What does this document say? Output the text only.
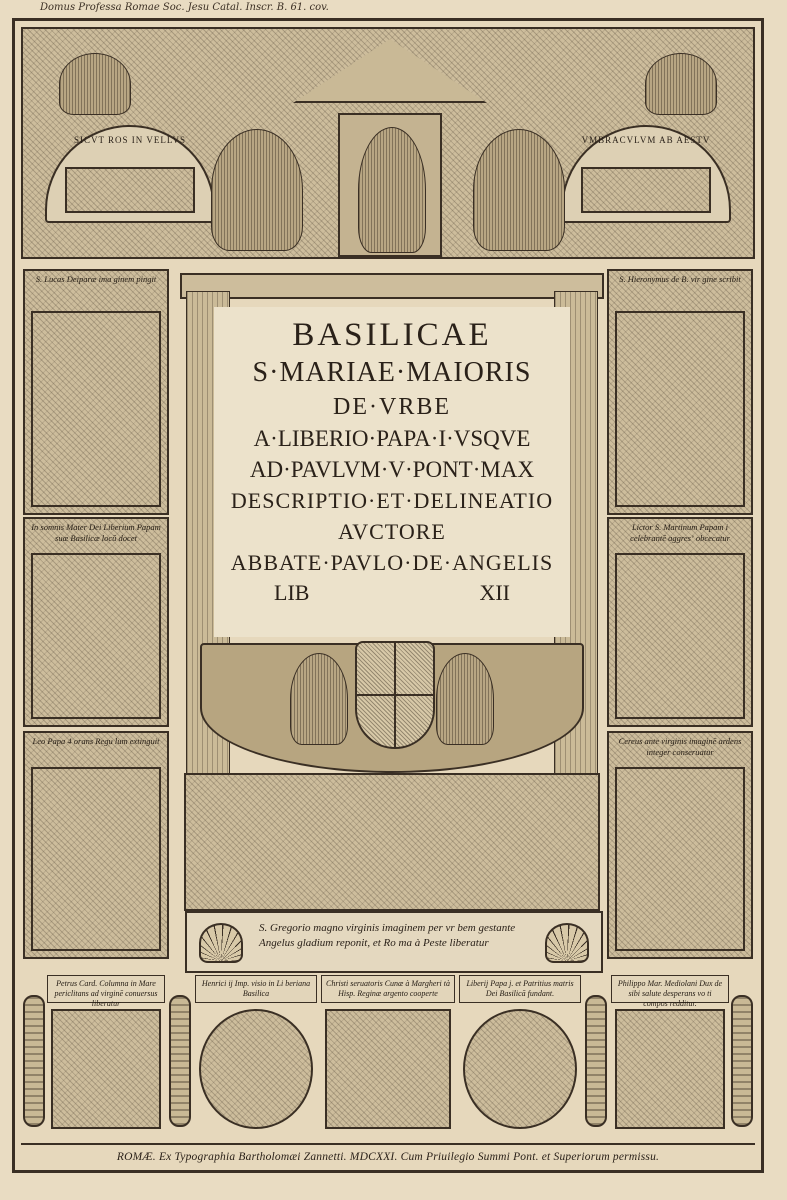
Domus Professa Romae Soc. Jesu Catal. Inscr. B. 61. cov.
SICVT ROS IN VELLVS	VMBRACVLVM AB AESTV
S. Lucas Deiparæ ima ginem pingit
In somnis Mater Dei Liberium Papam suæ Basilicæ locū docet
Leo Papa 4 orans Regu lum extinguit
S. Hieronymus de B. vir gine scribit
Lictor S. Martinum Papam i celebrantē aggresʼ obcecatur
Cereus ante virginis imaginē ardens integer conseruatur
BASILICAE
S·MARIAE·MAIORIS
DE·VRBE
A·LIBERIO·PAPA·I·VSQVE
AD·PAVLVM·V·PONT·MAX
DESCRIPTIO·ET·DELINEATIO
AVCTORE
ABBATE·PAVLO·DE·ANGELIS
LIB	XII
S. Gregorio magno virginis imaginem per vr bem gestante Angelus gladium reponit, et Ro ma à Peste liberatur
Petrus Card. Columna in Mare periclitans ad virginē conuersus liberatur
Henrici ij Imp. visio in Li beriana Basilica
Christi seruatoris Cunæ à Margheri tà Hisp. Reginæ argento cooperte
Liberij Papa j. et Patritius matris Dei Basilicā fundant.
Philippo Mar. Mediolani Dux de sibi salute desperans vo ti compos redditur.
ROMÆ. Ex Typographia Bartholomæi Zannetti. MDCXXI. Cum Priuilegio Summi Pont. et Superiorum permissu.
